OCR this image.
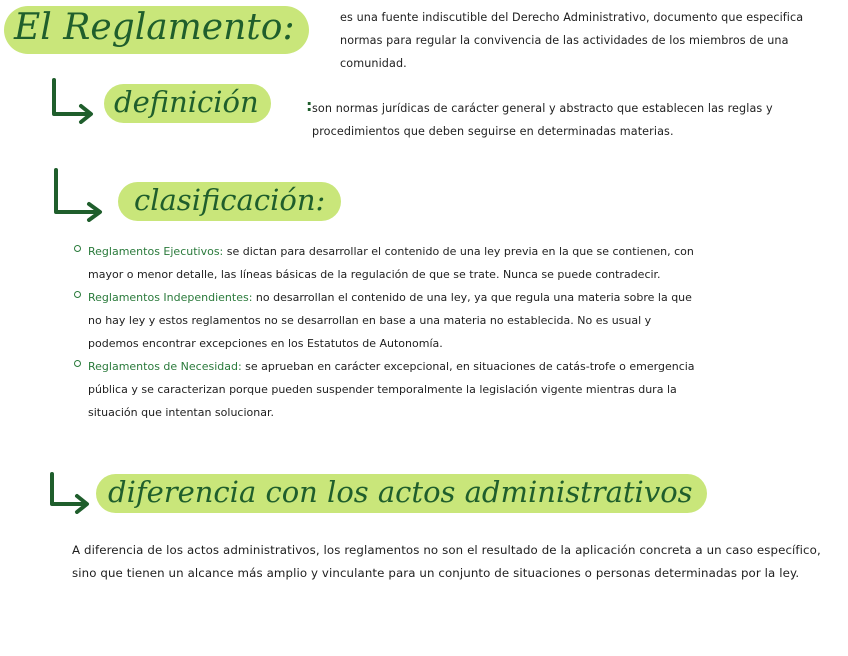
El Reglamento:	es una fuente indiscutible del Derecho Administrativo, documento que especifica normas para regular la convivencia de las actividades de los miembros de una comunidad.
definición	: son normas jurídicas de carácter general y abstracto que establecen las reglas y procedimientos que deben seguirse en determinadas materias.
clasificación:
Reglamentos Ejecutivos: se dictan para desarrollar el contenido de una ley previa en la que se contienen, con mayor o menor detalle, las líneas básicas de la regulación de que se trate. Nunca se puede contradecir.
Reglamentos Independientes: no desarrollan el contenido de una ley, ya que regula una materia sobre la que no hay ley y estos reglamentos no se desarrollan en base a una materia no establecida. No es usual y podemos encontrar excepciones en los Estatutos de Autonomía.
Reglamentos de Necesidad: se aprueban en carácter excepcional, en situaciones de catás-trofe o emergencia pública y se caracterizan porque pueden suspender temporalmente la legislación vigente mientras dura la situación que intentan solucionar.
diferencia con los actos administrativos
A diferencia de los actos administrativos, los reglamentos no son el resultado de la aplicación concreta a un caso específico, sino que tienen un alcance más amplio y vinculante para un conjunto de situaciones o personas determinadas por la ley.
